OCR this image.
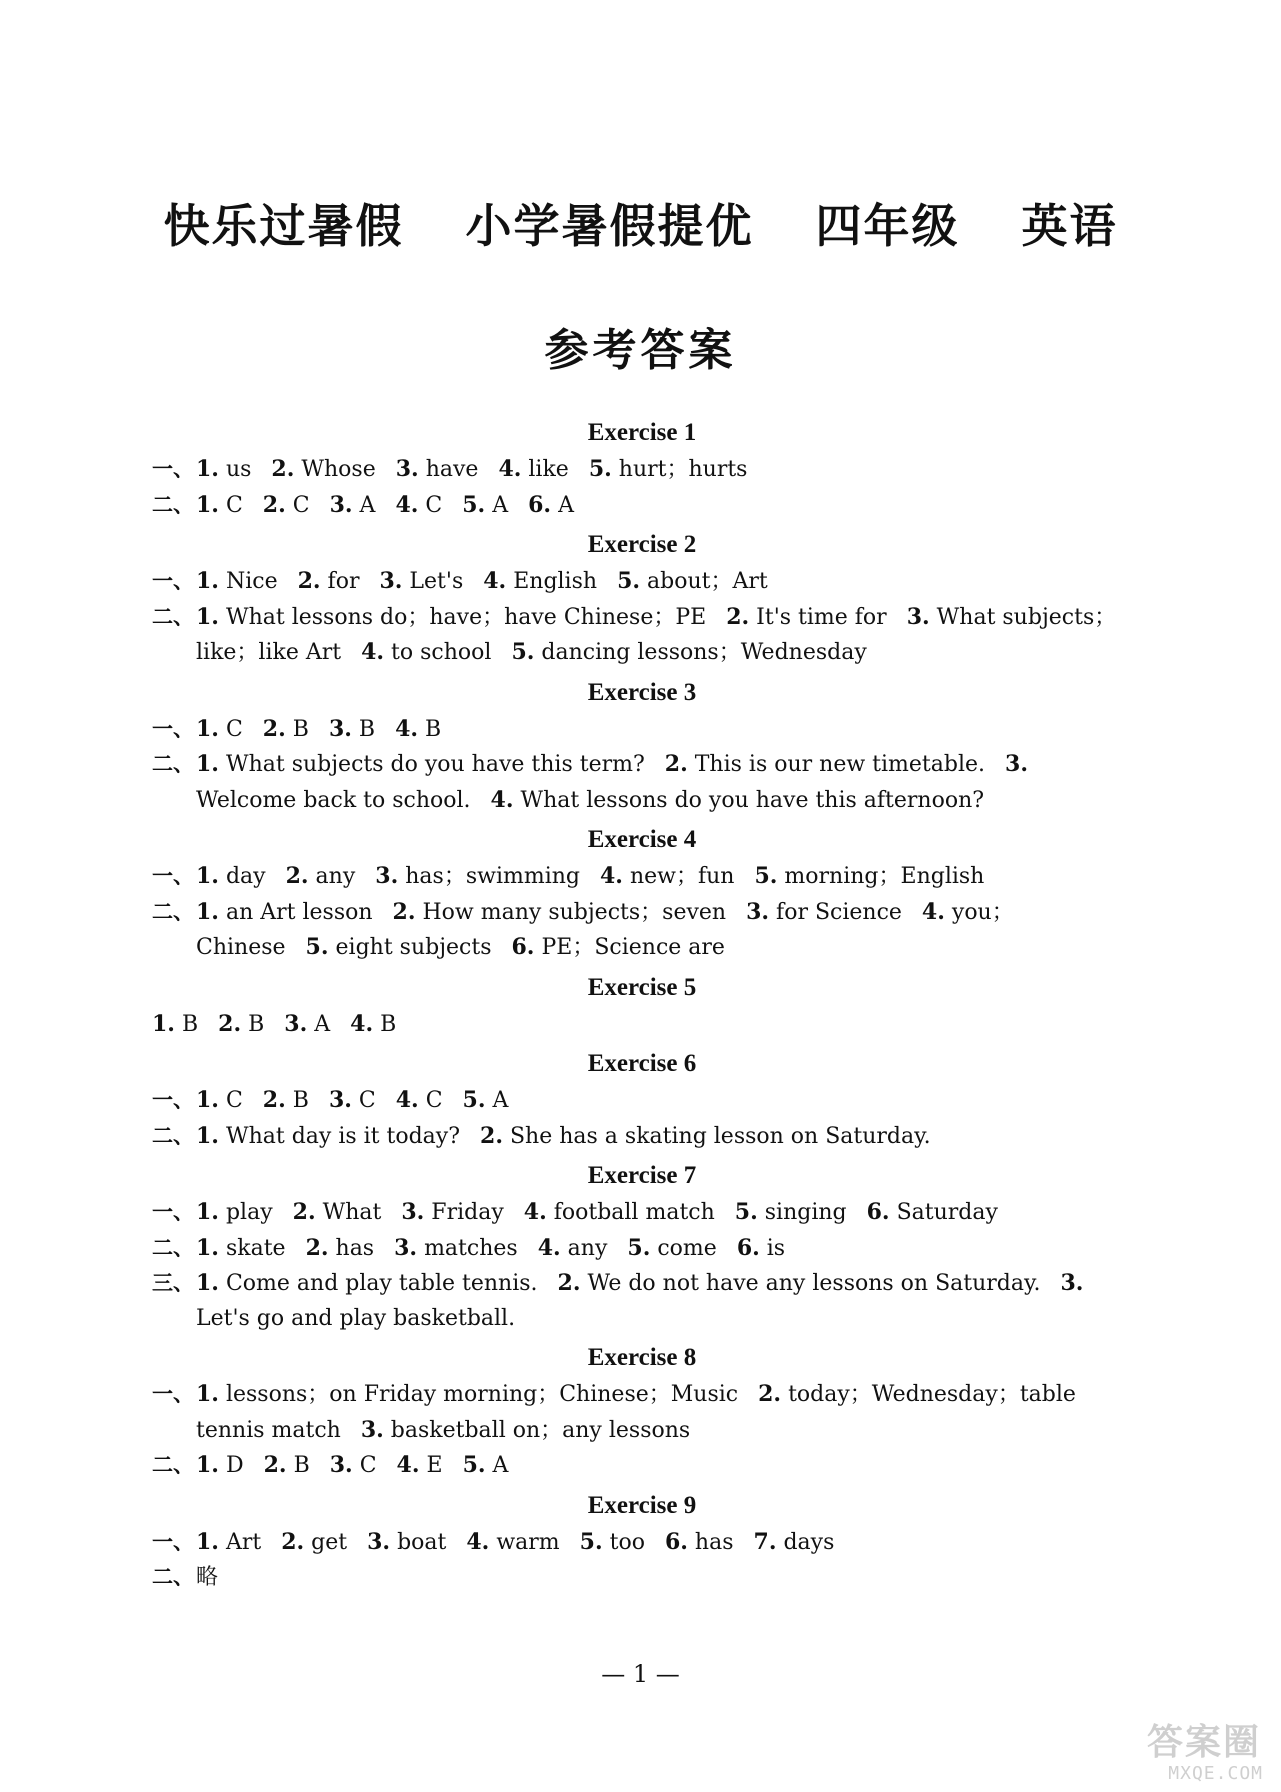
快乐过暑假 小学暑假提优 四年级 英语
参考答案
Exercise 1
一、1. us 2. Whose 3. have 4. like 5. hurt；hurts
二、1. C 2. C 3. A 4. C 5. A 6. A
Exercise 2
一、1. Nice 2. for 3. Let's 4. English 5. about；Art
二、1. What lessons do；have；have Chinese；PE 2. It's time for 3. What subjects；like；like Art 4. to school 5. dancing lessons；Wednesday
Exercise 3
一、1. C 2. B 3. B 4. B
二、1. What subjects do you have this term? 2. This is our new timetable. 3. Welcome back to school. 4. What lessons do you have this afternoon?
Exercise 4
一、1. day 2. any 3. has；swimming 4. new；fun 5. morning；English
二、1. an Art lesson 2. How many subjects；seven 3. for Science 4. you；Chinese 5. eight subjects 6. PE；Science are
Exercise 5
1. B 2. B 3. A 4. B
Exercise 6
一、1. C 2. B 3. C 4. C 5. A
二、1. What day is it today? 2. She has a skating lesson on Saturday.
Exercise 7
一、1. play 2. What 3. Friday 4. football match 5. singing 6. Saturday
二、1. skate 2. has 3. matches 4. any 5. come 6. is
三、1. Come and play table tennis. 2. We do not have any lessons on Saturday. 3. Let's go and play basketball.
Exercise 8
一、1. lessons；on Friday morning；Chinese；Music 2. today；Wednesday；table tennis match 3. basketball on；any lessons
二、1. D 2. B 3. C 4. E 5. A
Exercise 9
一、1. Art 2. get 3. boat 4. warm 5. too 6. has 7. days
二、略
— 1 —
答案圈
MXQE.COM
